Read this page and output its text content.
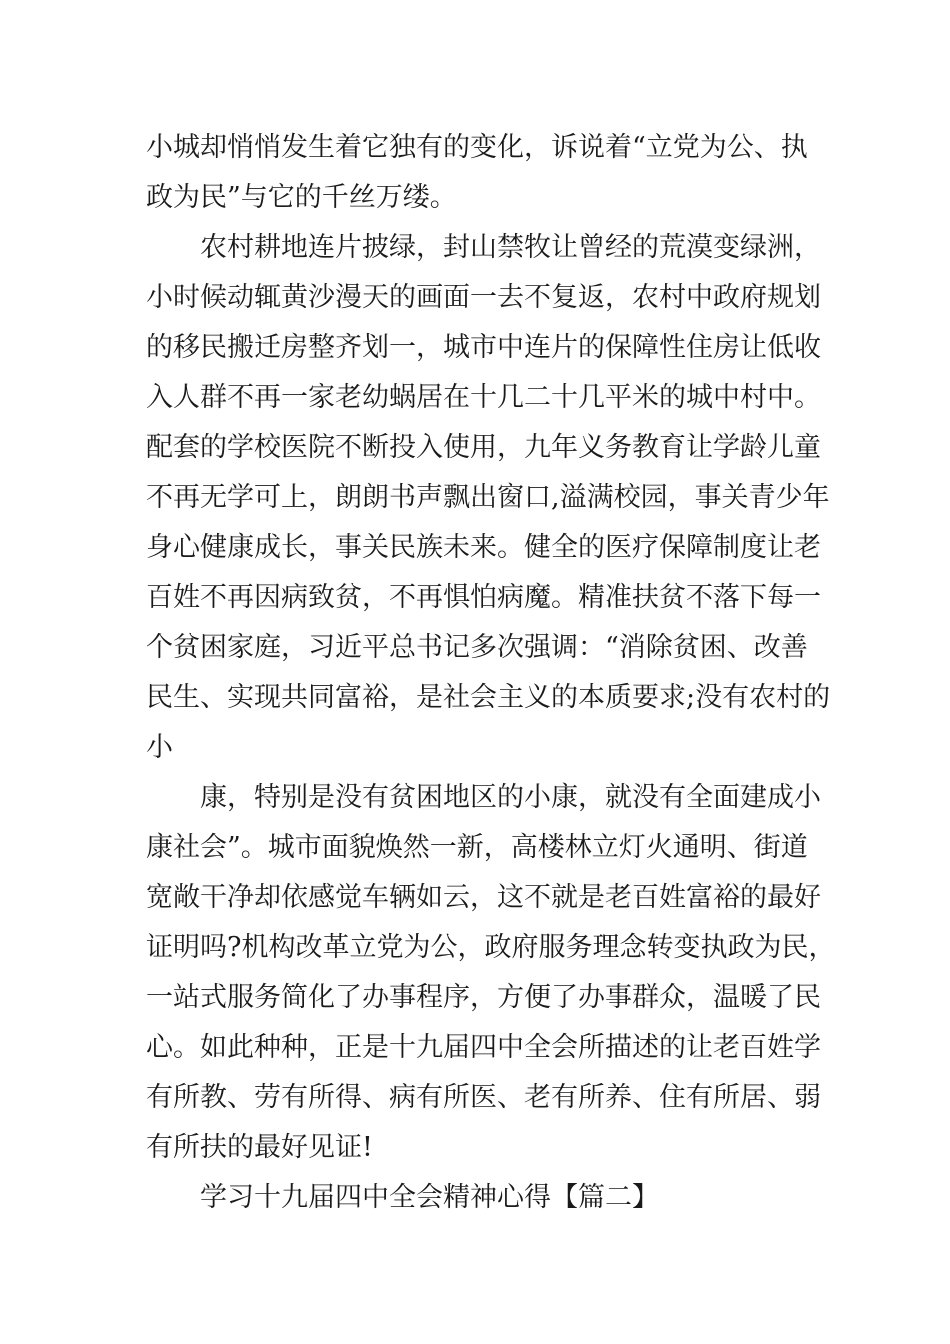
小城却悄悄发生着它独有的变化，诉说着“立党为公、执

政为民”与它的千丝万缕。

农村耕地连片披绿，封山禁牧让曾经的荒漠变绿洲，

小时候动辄黄沙漫天的画面一去不复返，农村中政府规划

的移民搬迁房整齐划一，城市中连片的保障性住房让低收

入人群不再一家老幼蜗居在十几二十几平米的城中村中。

配套的学校医院不断投入使用，九年义务教育让学龄儿童

不再无学可上，朗朗书声飘出窗口,溢满校园，事关青少年

身心健康成长，事关民族未来。健全的医疗保障制度让老

百姓不再因病致贫，不再惧怕病魔。精准扶贫不落下每一

个贫困家庭，习近平总书记多次强调：“消除贫困、改善

民生、实现共同富裕，是社会主义的本质要求;没有农村的

小

康，特别是没有贫困地区的小康，就没有全面建成小

康社会”。城市面貌焕然一新，高楼林立灯火通明、街道

宽敞干净却依感觉车辆如云，这不就是老百姓富裕的最好

证明吗?机构改革立党为公，政府服务理念转变执政为民，

一站式服务简化了办事程序，方便了办事群众，温暖了民

心。如此种种，正是十九届四中全会所描述的让老百姓学

有所教、劳有所得、病有所医、老有所养、住有所居、弱

有所扶的最好见证!

学习十九届四中全会精神心得【篇二】
